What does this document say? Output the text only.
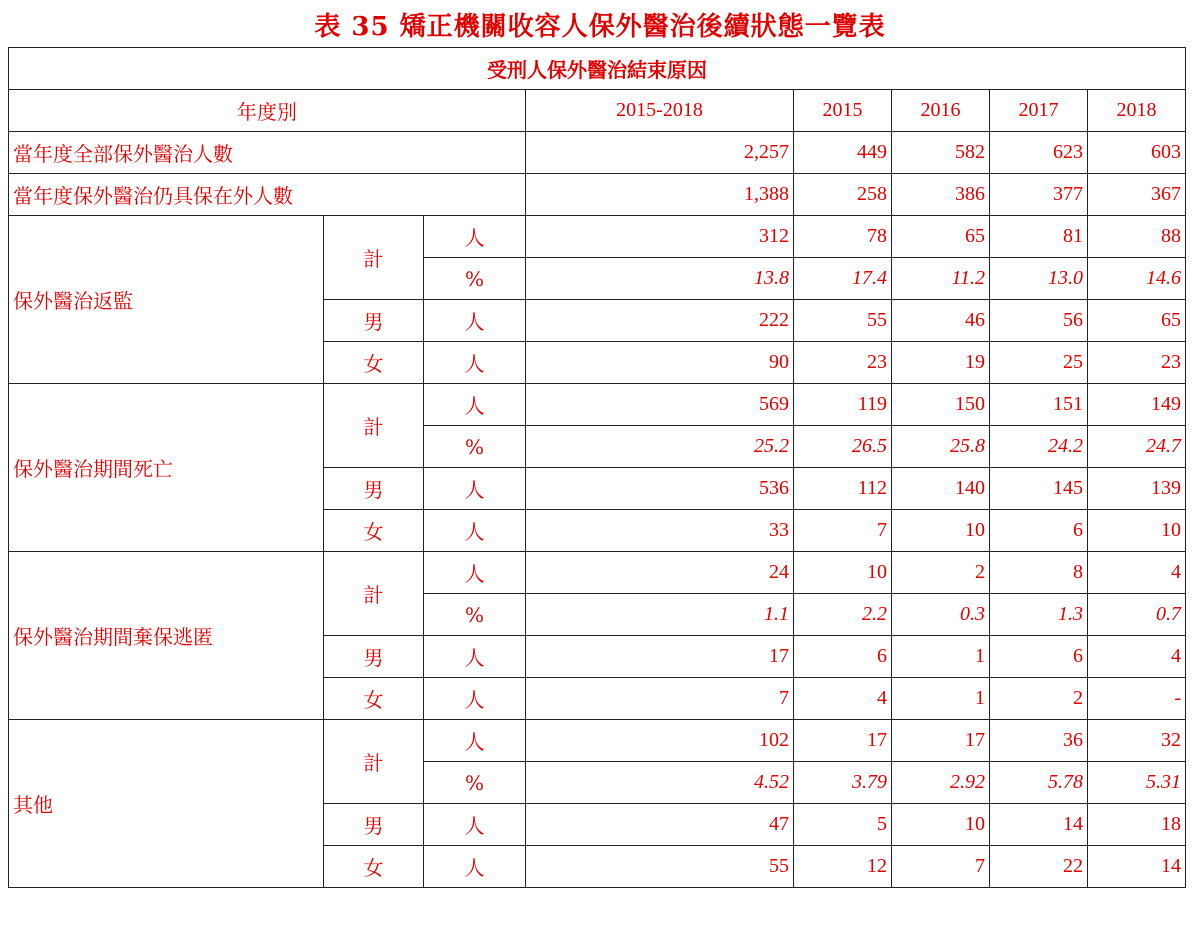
表 35 矯正機關收容人保外醫治後續狀態一覽表
受刑人保外醫治結束原因							
年度別			2015-2018	2015	2016	2017	2018
當年度全部保外醫治人數			2,257	449	582	623	603
當年度保外醫治仍具保在外人數			1,388	258	386	377	367
保外醫治返監	計	人	312	78	65	81	88
		%	13.8	17.4	11.2	13.0	14.6
	男	人	222	55	46	56	65
	女	人	90	23	19	25	23
保外醫治期間死亡	計	人	569	119	150	151	149
		%	25.2	26.5	25.8	24.2	24.7
	男	人	536	112	140	145	139
	女	人	33	7	10	6	10
保外醫治期間棄保逃匿	計	人	24	10	2	8	4
		%	1.1	2.2	0.3	1.3	0.7
	男	人	17	6	1	6	4
	女	人	7	4	1	2	-
其他	計	人	102	17	17	36	32
		%	4.52	3.79	2.92	5.78	5.31
	男	人	47	5	10	14	18
	女	人	55	12	7	22	14
